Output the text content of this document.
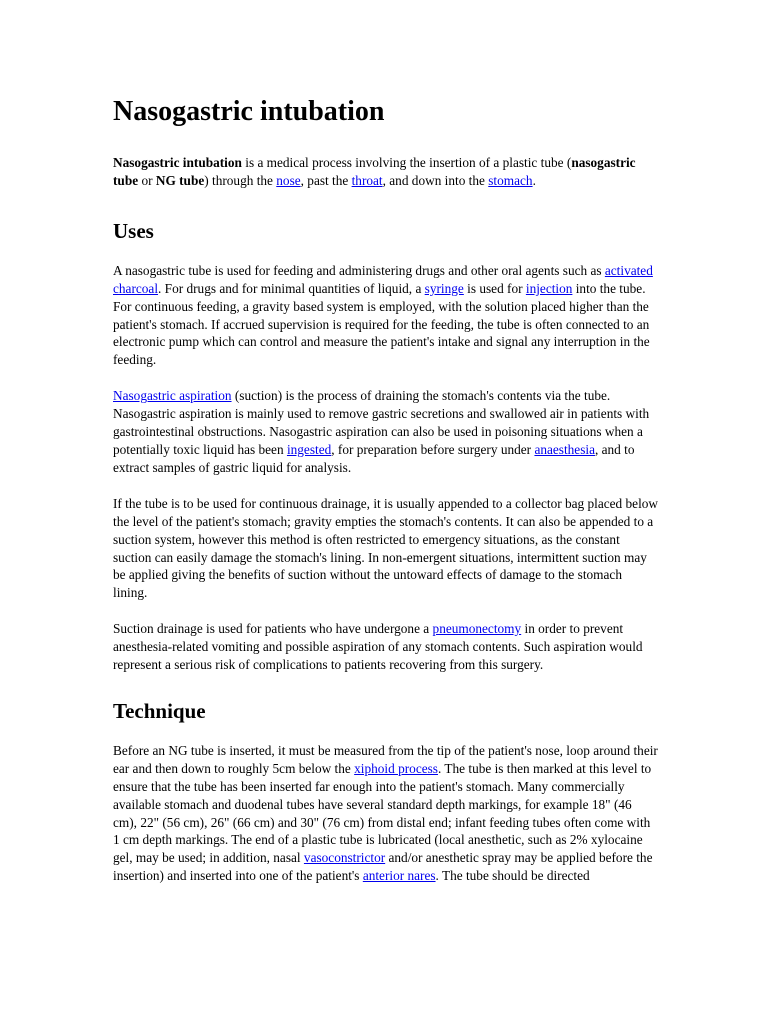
Nasogastric intubation

Nasogastric intubation is a medical process involving the insertion of a plastic tube (nasogastric tube or NG tube) through the nose, past the throat, and down into the stomach.

Uses

A nasogastric tube is used for feeding and administering drugs and other oral agents such as activated charcoal. For drugs and for minimal quantities of liquid, a syringe is used for injection into the tube. For continuous feeding, a gravity based system is employed, with the solution placed higher than the patient's stomach. If accrued supervision is required for the feeding, the tube is often connected to an electronic pump which can control and measure the patient's intake and signal any interruption in the feeding.

Nasogastric aspiration (suction) is the process of draining the stomach's contents via the tube. Nasogastric aspiration is mainly used to remove gastric secretions and swallowed air in patients with gastrointestinal obstructions. Nasogastric aspiration can also be used in poisoning situations when a potentially toxic liquid has been ingested, for preparation before surgery under anaesthesia, and to extract samples of gastric liquid for analysis.

If the tube is to be used for continuous drainage, it is usually appended to a collector bag placed below the level of the patient's stomach; gravity empties the stomach's contents. It can also be appended to a suction system, however this method is often restricted to emergency situations, as the constant suction can easily damage the stomach's lining. In non-emergent situations, intermittent suction may be applied giving the benefits of suction without the untoward effects of damage to the stomach lining.

Suction drainage is used for patients who have undergone a pneumonectomy in order to prevent anesthesia-related vomiting and possible aspiration of any stomach contents. Such aspiration would represent a serious risk of complications to patients recovering from this surgery.

Technique

Before an NG tube is inserted, it must be measured from the tip of the patient's nose, loop around their ear and then down to roughly 5cm below the xiphoid process. The tube is then marked at this level to ensure that the tube has been inserted far enough into the patient's stomach. Many commercially available stomach and duodenal tubes have several standard depth markings, for example 18" (46 cm), 22" (56 cm), 26" (66 cm) and 30" (76 cm) from distal end; infant feeding tubes often come with 1 cm depth markings. The end of a plastic tube is lubricated (local anesthetic, such as 2% xylocaine gel, may be used; in addition, nasal vasoconstrictor and/or anesthetic spray may be applied before the insertion) and inserted into one of the patient's anterior nares. The tube should be directed
